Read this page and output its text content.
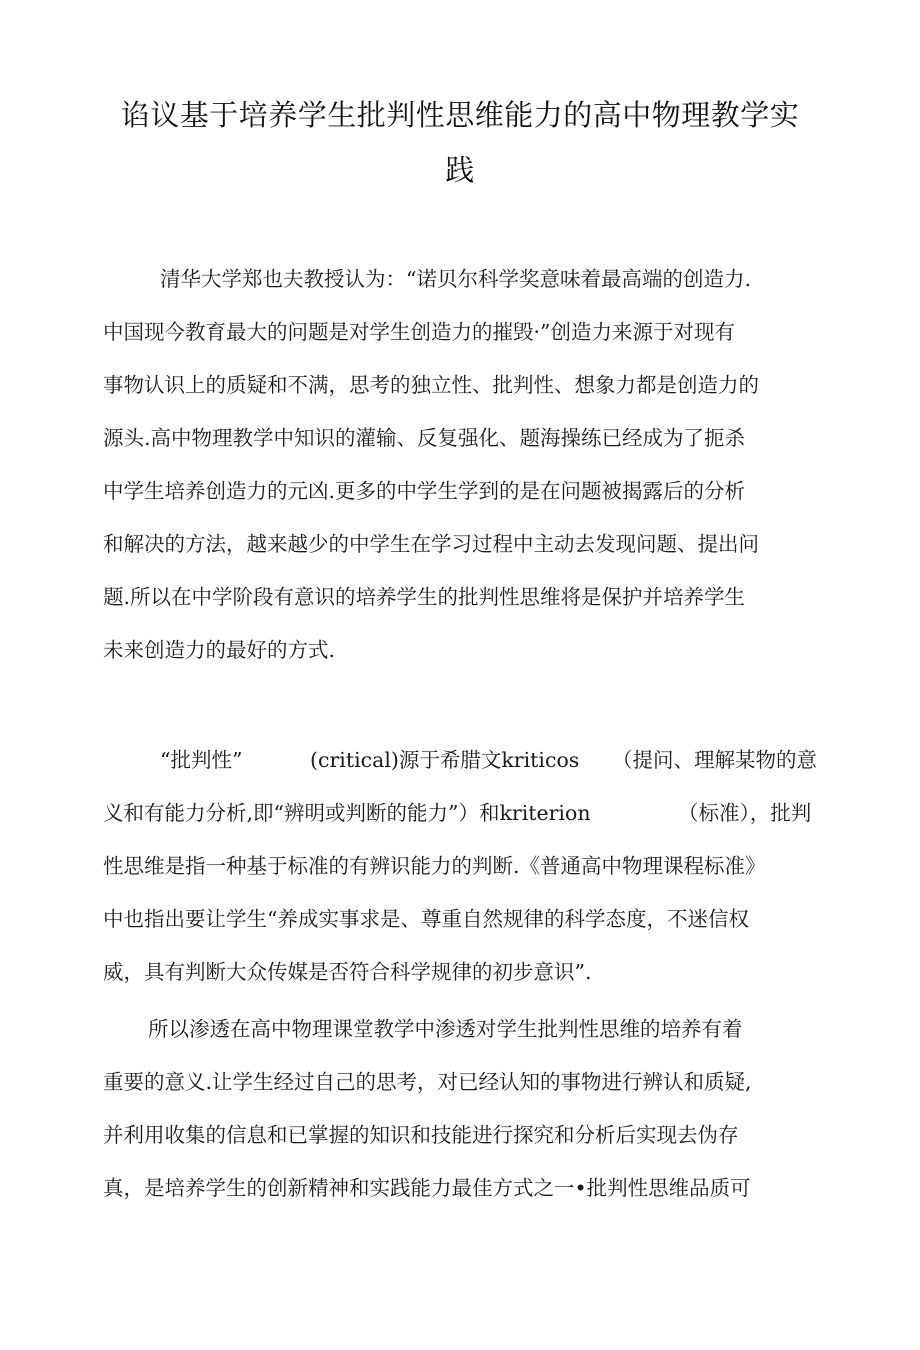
谄议基于培养学生批判性思维能力的高中物理教学实
践
清华大学郑也夫教授认为：“诺贝尔科学奖意味着最高端的创造力.
中国现今教育最大的问题是对学生创造力的摧毁·”创造力来源于对现有
事物认识上的质疑和不满，思考的独立性、批判性、想象力都是创造力的
源头.高中物理教学中知识的灌输、反复强化、题海操练已经成为了扼杀
中学生培养创造力的元凶.更多的中学生学到的是在问题被揭露后的分析
和解决的方法，越来越少的中学生在学习过程中主动去发现问题、提出问
题.所以在中学阶段有意识的培养学生的批判性思维将是保护并培养学生
未来创造力的最好的方式.
“批判性”	(critical)源于希腊文kriticos （提问、理解某物的意
义和有能力分析,即“辨明或判断的能力”）和kriterion	（标准），批判
性思维是指一种基于标准的有辨识能力的判断.《普通高中物理课程标准》
中也指出要让学生“养成实事求是、尊重自然规律的科学态度，不迷信权
威，具有判断大众传媒是否符合科学规律的初步意识”.
所以渗透在高中物理课堂教学中渗透对学生批判性思维的培养有着
重要的意义.让学生经过自己的思考，对已经认知的事物进行辨认和质疑,
并利用收集的信息和已掌握的知识和技能进行探究和分析后实现去伪存
真，是培养学生的创新精神和实践能力最佳方式之一•批判性思维品质可
